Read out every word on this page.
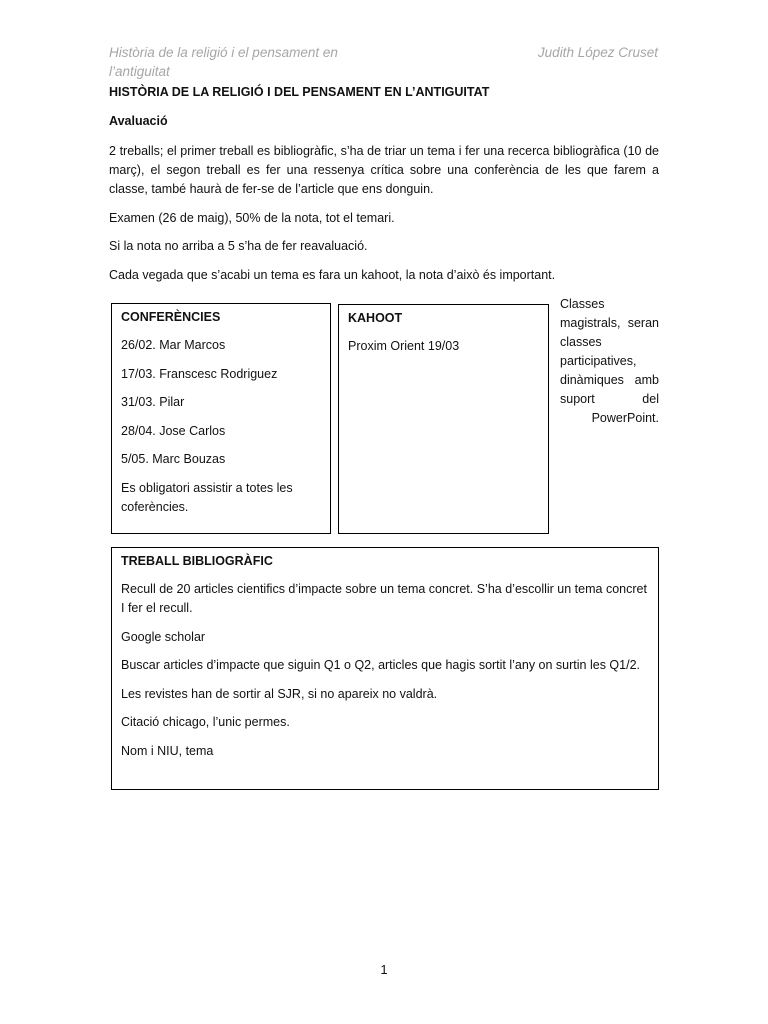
Història de la religió i el pensament en l’antiguitat
Judith López Cruset
HISTÒRIA DE LA RELIGIÓ I DEL PENSAMENT EN L’ANTIGUITAT
Avaluació
2 treballs; el primer treball es bibliogràfic, s’ha de triar un tema i fer una recerca bibliogràfica (10 de març), el segon treball es fer una ressenya crítica sobre una conferència de les que farem a classe, també haurà de fer-se de l’article que ens donguin.
Examen (26 de maig), 50% de la nota, tot el temari.
Si la nota no arriba a 5 s’ha de fer reavaluació.
Cada vegada que s’acabi un tema es fara un kahoot, la nota d’això és important.
CONFERÈNCIES
26/02. Mar Marcos
17/03. Franscesc Rodriguez
31/03. Pilar
28/04. Jose Carlos
5/05. Marc Bouzas
Es obligatori assistir a totes les coferències.
KAHOOT
Proxim Orient 19/03
Classes magistrals, seran classes participatives, dinàmiques amb suport del PowerPoint.
TREBALL BIBLIOGRÀFIC
Recull de 20 articles cientifics d’impacte sobre un tema concret. S’ha d’escollir un tema concret I fer el recull.
Google scholar
Buscar articles d’impacte que siguin Q1 o Q2, articles que hagis sortit l’any on surtin les Q1/2.
Les revistes han de sortir al SJR, si no apareix no valdrà.
Citació chicago, l’unic permes.
Nom i NIU, tema
1
